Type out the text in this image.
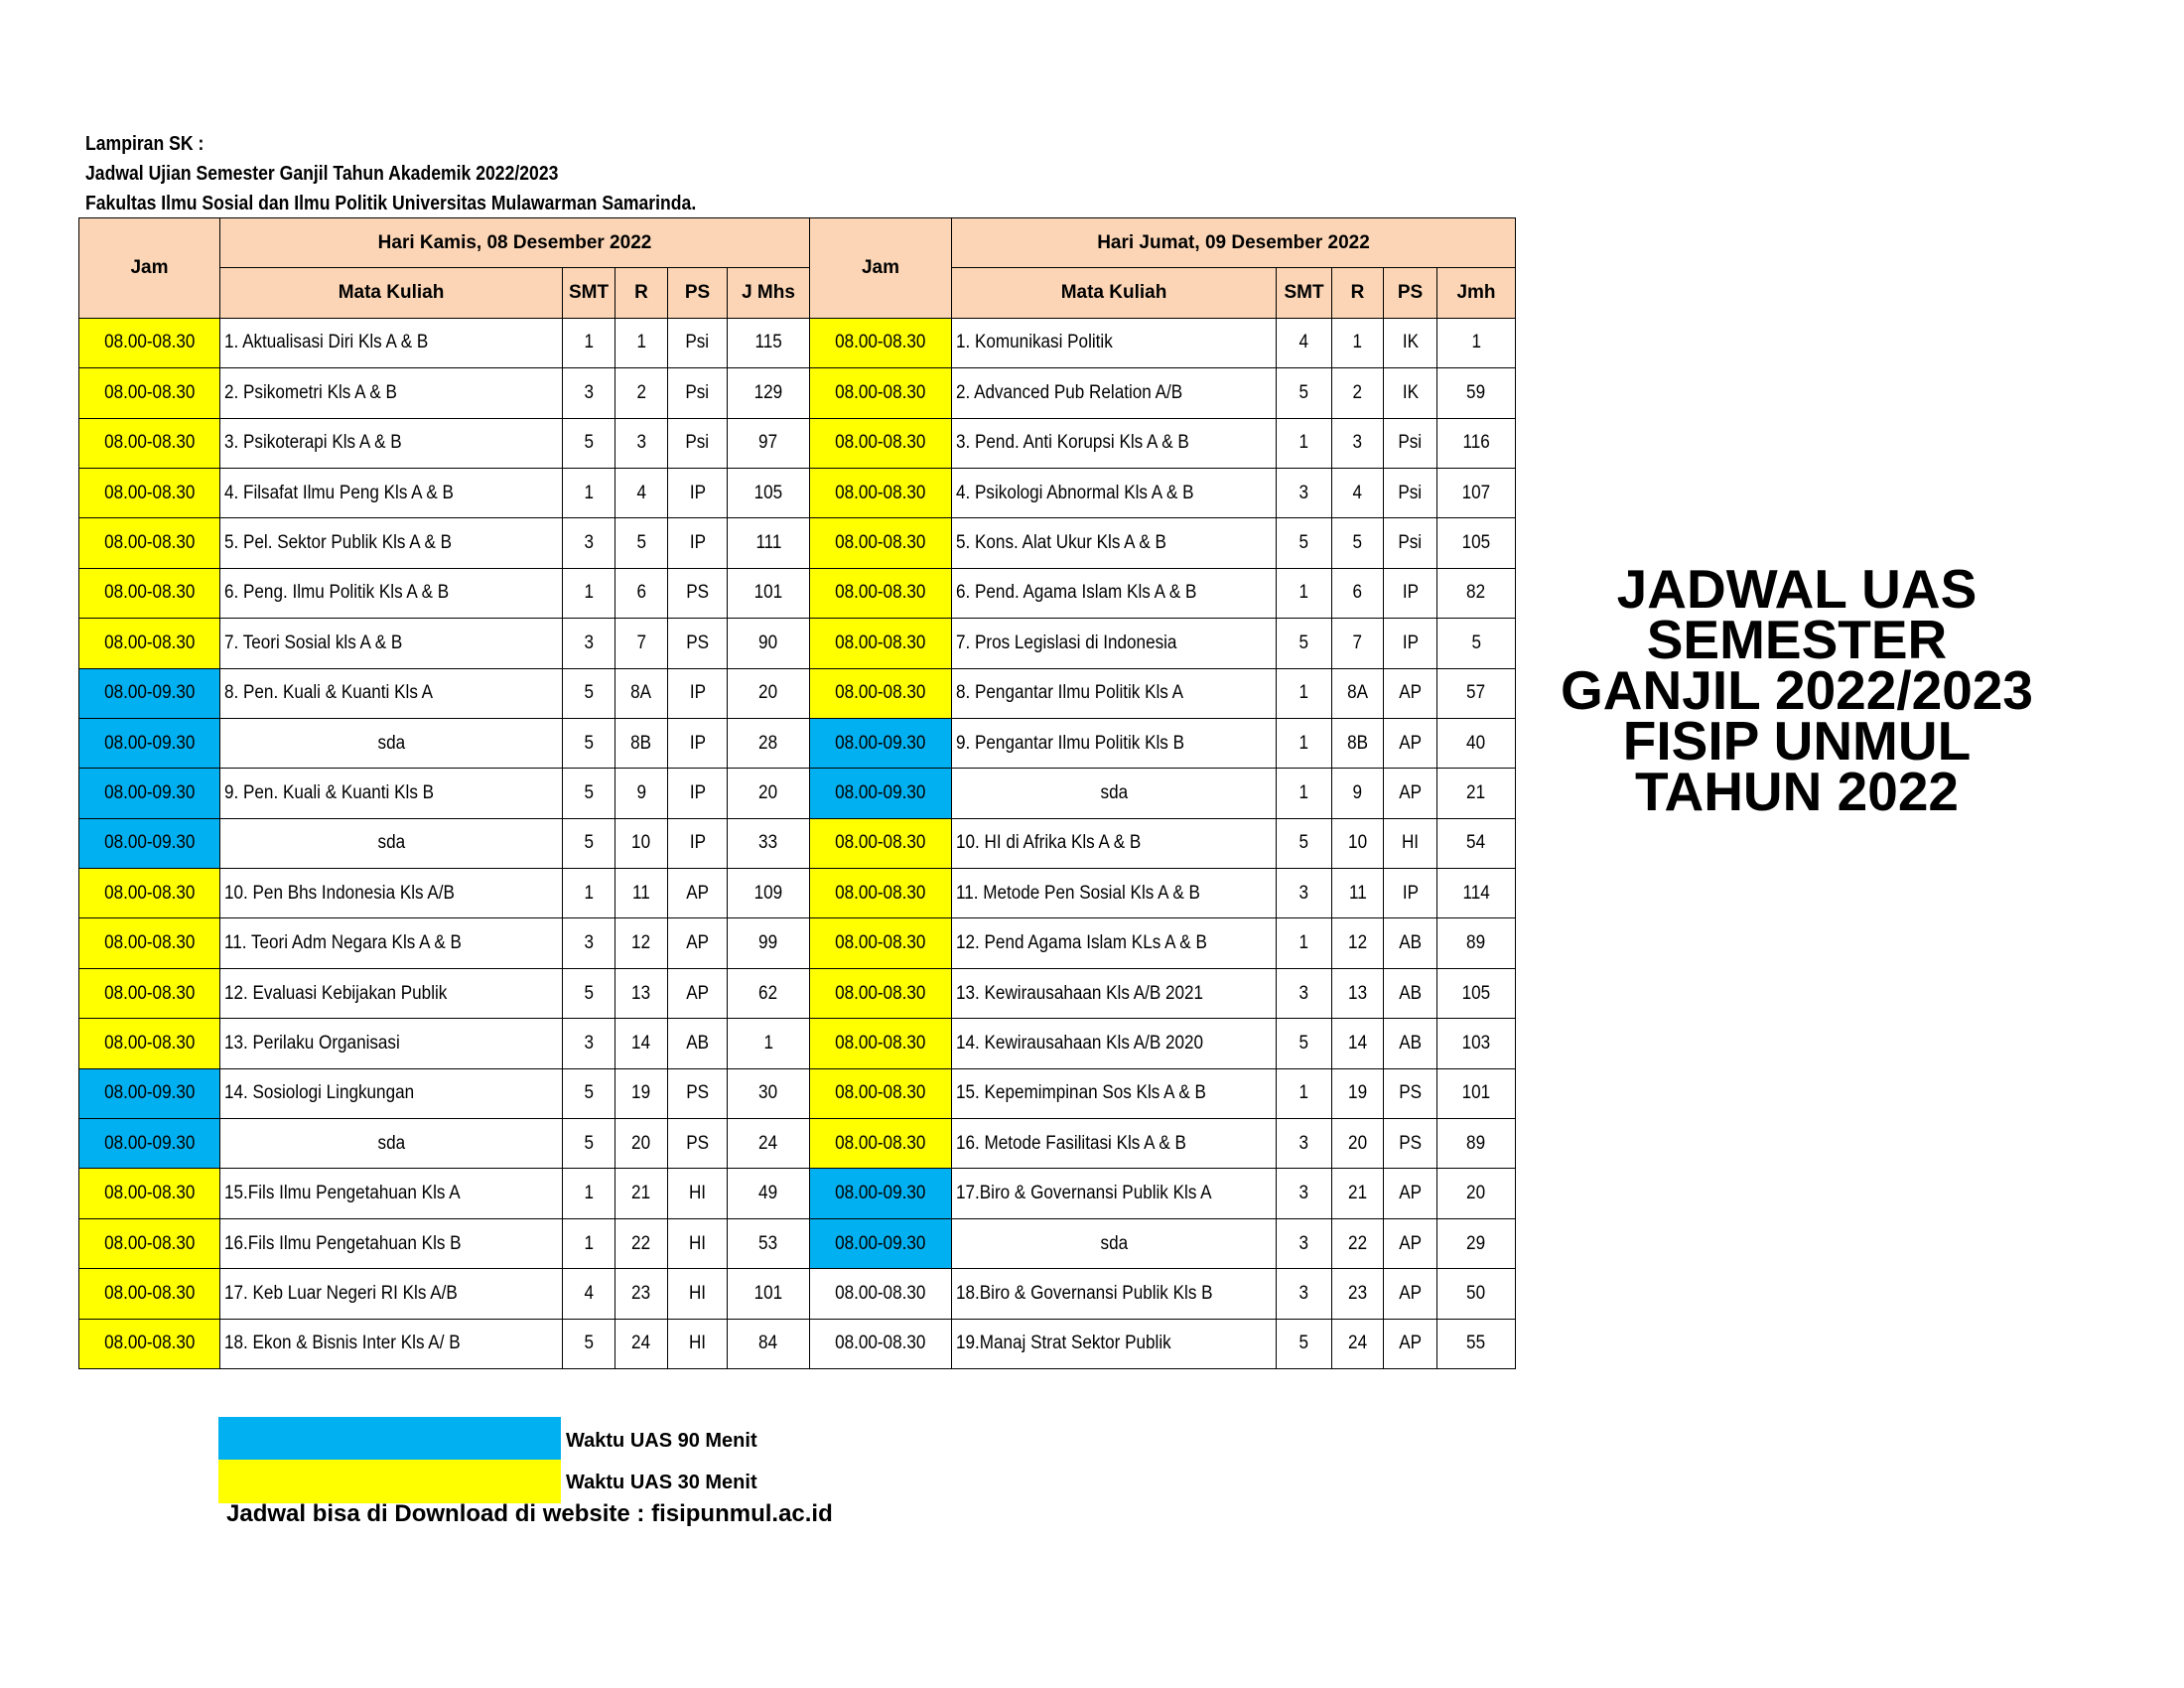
Lampiran SK :
Jadwal Ujian Semester Ganjil Tahun Akademik 2022/2023
Fakultas Ilmu Sosial dan Ilmu Politik Universitas Mulawarman Samarinda.
Jam	Hari Kamis, 08 Desember 2022					Jam	Hari Jumat, 09 Desember 2022				
	Mata Kuliah	SMT	R	PS	J Mhs		Mata Kuliah	SMT	R	PS	Jmh
08.00-08.30	1. Aktualisasi Diri Kls A & B	1	1	Psi	115	08.00-08.30	1. Komunikasi Politik	4	1	IK	1
08.00-08.30	2. Psikometri Kls A & B	3	2	Psi	129	08.00-08.30	2. Advanced Pub Relation A/B	5	2	IK	59
08.00-08.30	3. Psikoterapi Kls A & B	5	3	Psi	97	08.00-08.30	3. Pend. Anti Korupsi Kls A & B	1	3	Psi	116
08.00-08.30	4. Filsafat Ilmu Peng Kls A & B	1	4	IP	105	08.00-08.30	4. Psikologi Abnormal Kls A & B	3	4	Psi	107
08.00-08.30	5. Pel. Sektor Publik Kls A & B	3	5	IP	111	08.00-08.30	5. Kons. Alat Ukur Kls A & B	5	5	Psi	105
08.00-08.30	6. Peng. Ilmu Politik Kls A & B	1	6	PS	101	08.00-08.30	6. Pend. Agama Islam Kls A & B	1	6	IP	82
08.00-08.30	7. Teori Sosial kls A & B	3	7	PS	90	08.00-08.30	7. Pros Legislasi di Indonesia	5	7	IP	5
08.00-09.30	8. Pen. Kuali & Kuanti Kls A	5	8A	IP	20	08.00-08.30	8. Pengantar Ilmu Politik Kls A	1	8A	AP	57
08.00-09.30	sda	5	8B	IP	28	08.00-09.30	9. Pengantar Ilmu Politik Kls B	1	8B	AP	40
08.00-09.30	9. Pen. Kuali & Kuanti Kls B	5	9	IP	20	08.00-09.30	sda	1	9	AP	21
08.00-09.30	sda	5	10	IP	33	08.00-08.30	10. HI di Afrika Kls A & B	5	10	HI	54
08.00-08.30	10. Pen Bhs Indonesia Kls A/B	1	11	AP	109	08.00-08.30	11. Metode Pen Sosial Kls A & B	3	11	IP	114
08.00-08.30	11. Teori Adm Negara Kls A & B	3	12	AP	99	08.00-08.30	12. Pend Agama Islam KLs A & B	1	12	AB	89
08.00-08.30	12. Evaluasi Kebijakan Publik	5	13	AP	62	08.00-08.30	13. Kewirausahaan Kls A/B 2021	3	13	AB	105
08.00-08.30	13. Perilaku Organisasi	3	14	AB	1	08.00-08.30	14. Kewirausahaan Kls A/B 2020	5	14	AB	103
08.00-09.30	14. Sosiologi Lingkungan	5	19	PS	30	08.00-08.30	15. Kepemimpinan Sos Kls A & B	1	19	PS	101
08.00-09.30	sda	5	20	PS	24	08.00-08.30	16. Metode Fasilitasi Kls A & B	3	20	PS	89
08.00-08.30	15.Fils Ilmu Pengetahuan Kls A	1	21	HI	49	08.00-09.30	17.Biro & Governansi Publik Kls A	3	21	AP	20
08.00-08.30	16.Fils Ilmu Pengetahuan Kls B	1	22	HI	53	08.00-09.30	sda	3	22	AP	29
08.00-08.30	17. Keb Luar Negeri RI Kls A/B	4	23	HI	101	08.00-08.30	18.Biro & Governansi Publik Kls B	3	23	AP	50
08.00-08.30	18. Ekon & Bisnis Inter Kls A/ B	5	24	HI	84	08.00-08.30	19.Manaj Strat Sektor Publik	5	24	AP	55
JADWAL UAS
SEMESTER
GANJIL 2022/2023
FISIP UNMUL
TAHUN 2022
Waktu UAS 90 Menit
Waktu UAS 30 Menit
Jadwal bisa di Download di website : fisipunmul.ac.id
